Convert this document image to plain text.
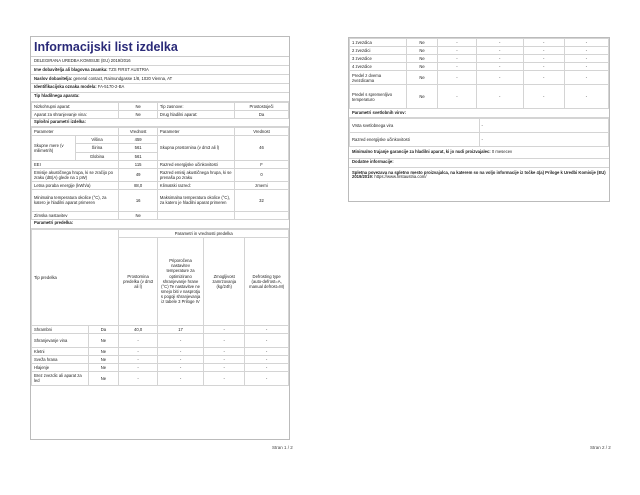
Informacijski list izdelka
DELEGIRANA UREDBA KOMISIJE (EU) 2019/2016
Ime dobavitelja ali blagovna znamka: TZS FIRST AUSTRIA
Naslov dobavitelja: general contact, Raimundgasse 1/8, 1020 Vienna, AT
Identifikacijska oznaka modela: FA-5170-2-BA
Tip hladilnega aparata:
Nizkohrupni aparat:	Ne	Tip zasnove:	Prostostoječi
Aparat za shranjevanje vina:	Ne	Drug hladilni aparat:	Da
Splošni parametri izdelka:
Parameter		Vrednost	Parameter	Vrednost
Skupne mere (v milimetrih)	Višina	459	Skupna prostornina (v dm3 ali l)	46
	Širina	561		
	Globina	561		
EEI		115	Razred energijske učinkovitosti	F
Emisije akustičnega hrupa, ki se zračijo po zraku (dB(A) glede na 1 pW)		49	Razred emisij akustičnega hrupa, ki se prenaša po zraku	0
Letna poraba energije (kWh/a)		88,0	Klimatski razred:	zmerni
Minimalna temperatura okolice (°C), za katero je hladilni aparat primeren		16	Maksimalna temperatura okolice (°C), za katero je hladilni aparat primeren	32
Zimska nastavitev		Ne		
Parametri predelka:
Tip predelka		Parametri in vrednosti predelka			
		Prostornina predelka (v dm3 ali l)	Priporočena nastavitev temperature za optimizirano shranjevanje hrane (°C) Te nastavitve ne smejo biti v nasprotju s pogoji shranjevanja iz tabele 3 Priloge IV	Zmogljivost zamrzovanja (kg/24h)	Defrosting type (auto-defrost=A, manual defrost=M)
Shrambni	Da	40,0	17	-	-
Shranjevanje vina	Ne	-	-	-	-
Kletni	Ne	-	-	-	-
Sveža hrana	Ne	-	-	-	-
Hlajenje	Ne	-	-	-	-
Brez zvezdic ali aparat za led	Ne	-	-	-	-
Stran 1 / 2
1 zvezdica	Ne	-	-	-	-
2 zvezdici	Ne	-	-	-	-
3 zvezdice	Ne	-	-	-	-
4 zvezdice	Ne	-	-	-	-
Predel z dvema zvezdicama	Ne	-	-	-	-
Predel s spremenljivo temperaturo	Ne	-	-	-	-
Parametri svetlobnih virov:
Vrsta svetlobnega vira	-
Razred energijske učinkovitosti	-
Minimalno trajanje garancije za hladilni aparat, ki jo nudi proizvajalec: 0 mesecev
Dodatne informacije:
Spletna povezava na spletno mesto proizvajalca, na katerem so na voljo informacije iz točke 4(a) Priloge k Uredbi Komisije (EU) 2019/2019: https://www.firstaustria.com/
Stran 2 / 2
